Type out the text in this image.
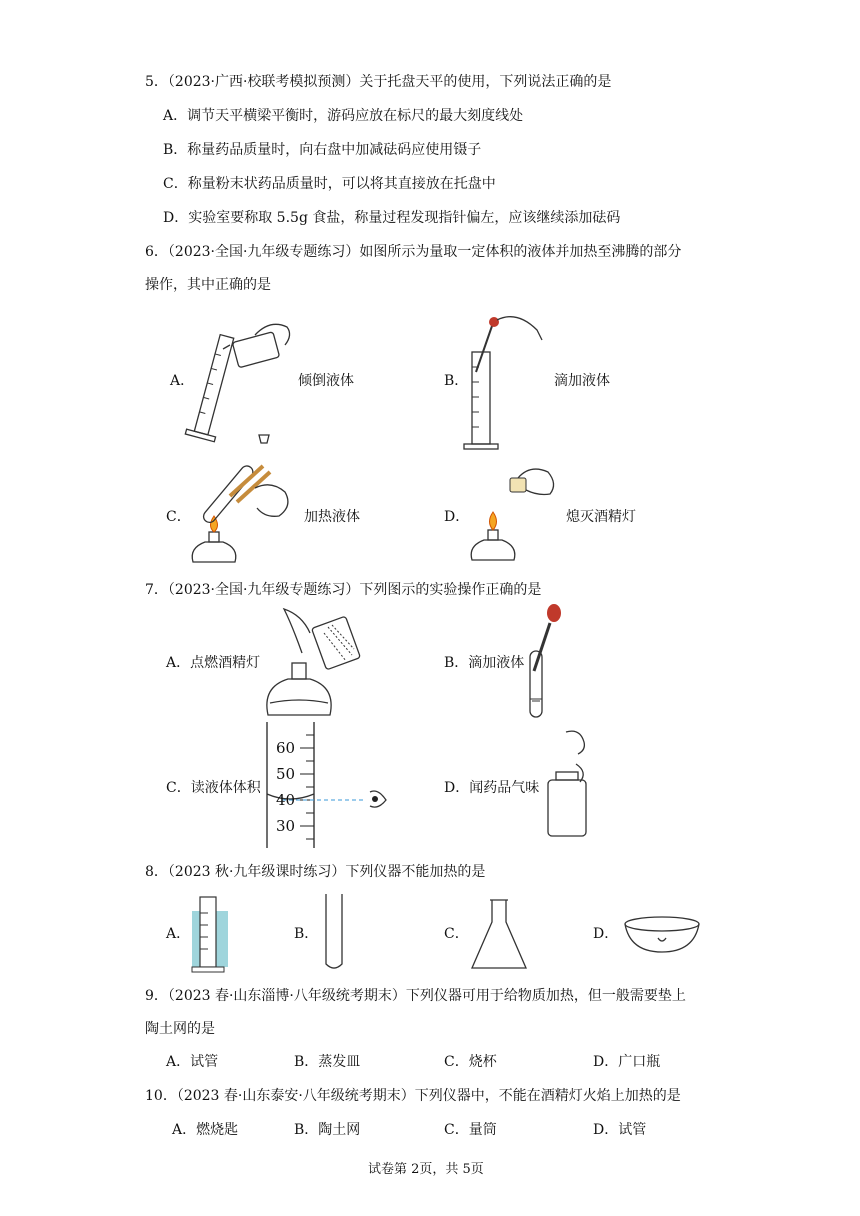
5．（2023·广西·校联考模拟预测）关于托盘天平的使用，下列说法正确的是
A．调节天平横梁平衡时，游码应放在标尺的最大刻度线处
B．称量药品质量时，向右盘中加减砝码应使用镊子
C．称量粉末状药品质量时，可以将其直接放在托盘中
D．实验室要称取 5.5g 食盐，称量过程发现指针偏左，应该继续添加砝码
6．（2023·全国·九年级专题练习）如图所示为量取一定体积的液体并加热至沸腾的部分
操作，其中正确的是
A．	倾倒液体	B．	滴加液体
C．	加热液体	D．	熄灭酒精灯
7．（2023·全国·九年级专题练习）下列图示的实验操作正确的是
A．点燃酒精灯	B．滴加液体
C．读液体体积
60
50
40
30
D．闻药品气味
8．（2023 秋·九年级课时练习）下列仪器不能加热的是
A．	B．	C．	D．
9．（2023 春·山东淄博·八年级统考期末）下列仪器可用于给物质加热，但一般需要垫上
陶土网的是
A．试管	B．蒸发皿	C．烧杯	D．广口瓶
10．（2023 春·山东泰安·八年级统考期末）下列仪器中，不能在酒精灯火焰上加热的是
A．燃烧匙	B．陶土网	C．量筒	D．试管
试卷第 2页，共 5页
